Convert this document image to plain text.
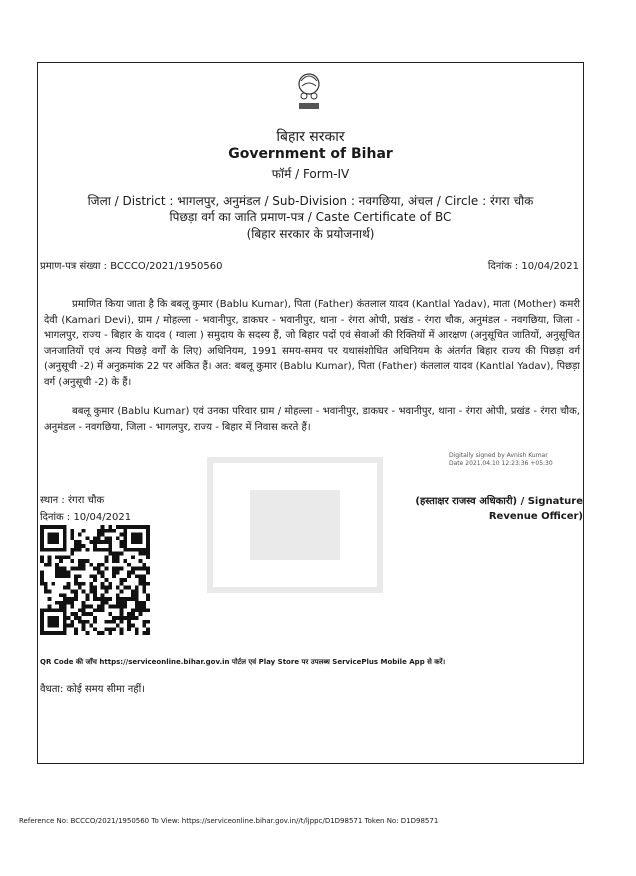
बिहार सरकार
Government of Bihar
फॉर्म / Form-IV
जिला / District : भागलपुर, अनुमंडल / Sub-Division : नवगछिया, अंचल / Circle : रंगरा चौक
पिछड़ा वर्ग का जाति प्रमाण-पत्र / Caste Certificate of BC
(बिहार सरकार के प्रयोजनार्थ)
प्रमाण-पत्र संख्या : BCCCO/2021/1950560	दिनांक : 10/04/2021

प्रमाणित किया जाता है कि बबलू कुमार (Bablu Kumar), पिता (Father) कंतलाल यादव (Kantlal Yadav), माता (Mother) कमरी देवी (Kamari Devi), ग्राम / मोहल्ला - भवानीपुर, डाकघर - भवानीपुर, थाना - रंगरा ओपी, प्रखंड - रंगरा चौक, अनुमंडल - नवगछिया, जिला - भागलपुर, राज्य - बिहार के यादव ( ग्वाला ) समुदाय के सदस्य हैं, जो बिहार पदों एवं सेवाओं की रिक्तियों में आरक्षण (अनुसूचित जातियों, अनुसूचित जनजातियों एवं अन्य पिछड़े वर्गों के लिए) अधिनियम, 1991 समय-समय पर यथासंशोधित अधिनियम के अंतर्गत बिहार राज्य की पिछड़ा वर्ग (अनुसूची -2) में अनुक्रमांक 22 पर अंकित हैं। अत: बबलू कुमार (Bablu Kumar), पिता (Father) कंतलाल यादव (Kantlal Yadav), पिछड़ा वर्ग (अनुसूची -2) के हैं।

बबलू कुमार (Bablu Kumar) एवं उनका परिवार ग्राम / मोहल्ला - भवानीपुर, डाकघर - भवानीपुर, थाना - रंगरा ओपी, प्रखंड - रंगरा चौक, अनुमंडल - नवगछिया, जिला - भागलपुर, राज्य - बिहार में निवास करते हैं।

Digitally signed by Avnish Kumar
Date 2021.04.10 12:23:36 +05:30
स्थान : रंगरा चौक
दिनांक : 10/04/2021
(हस्ताक्षर राजस्व अधिकारी) / Signature
Revenue Officer)
QR Code की जाँच https://serviceonline.bihar.gov.in पोर्टल एवं Play Store पर उपलब्ध ServicePlus Mobile App से करें।
वैधता: कोई समय सीमा नहीं।
Reference No: BCCCO/2021/1950560 To View: https://serviceonline.bihar.gov.in//t/ljppc/D1D98571 Token No: D1D98571
